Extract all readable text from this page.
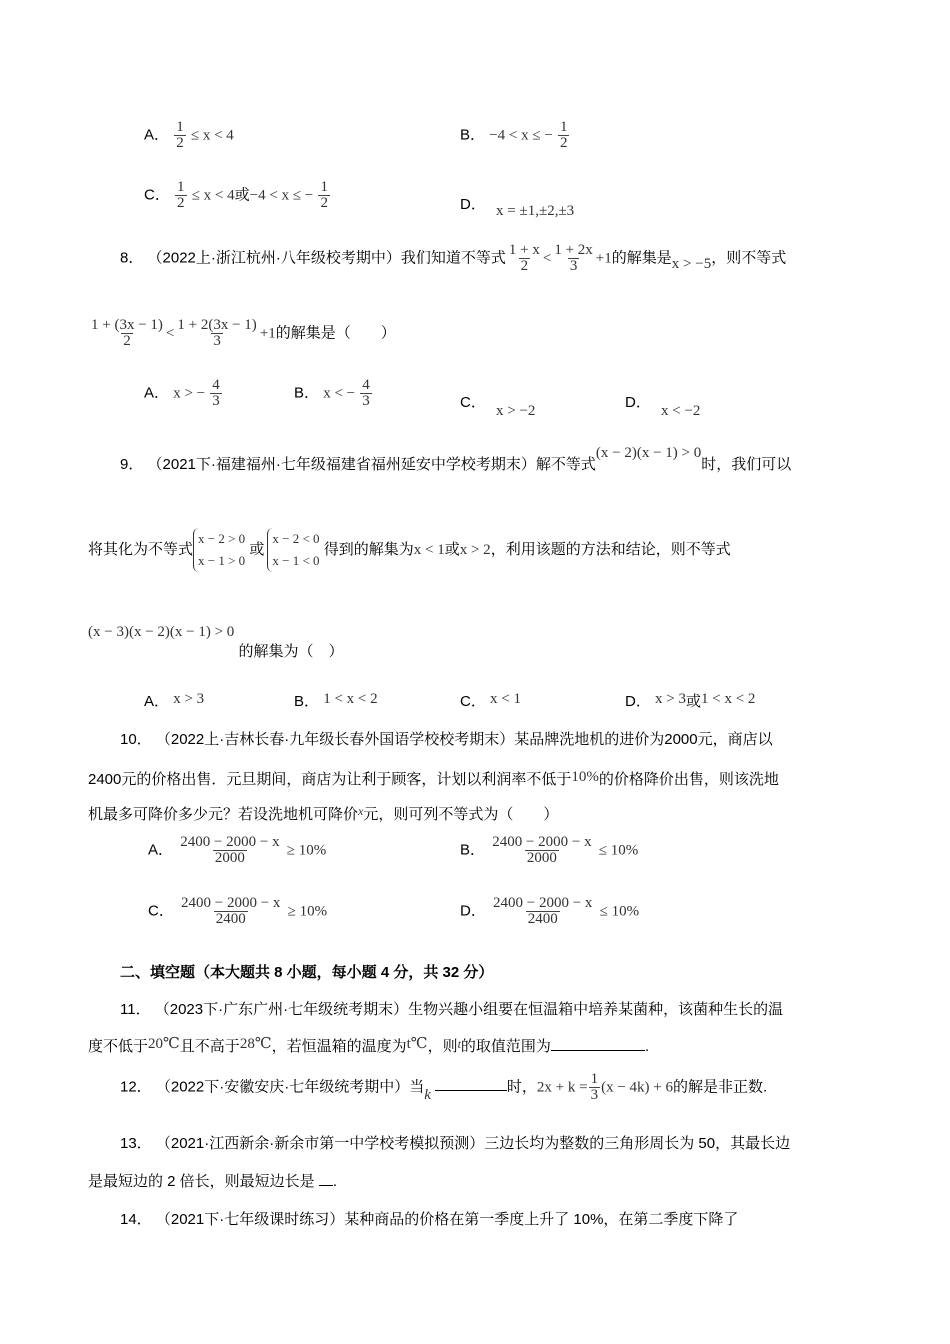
A． $\frac{1}{2} \le x < 4$	B． −4 < x ≤ − $\frac{1}{2}$
C． $\frac{1}{2} \le x < 4$或−4 < x ≤ − $\frac{1}{2}$	D． x = ±1,±2,±3
8． （2022上·浙江杭州·八年级校考期中）我们知道不等式 $\frac{1 + x}{2} < \frac{1 + 2x}{3} +1$的解集是x > −5，则不等式
$\frac{1 + (3x - 1)}{2} < \frac{1 + 2(3x - 1)}{3} +1$的解集是（　　）
A． x > − $\frac{4}{3}$	B． x < − $\frac{4}{3}$	C． x > −2	D． x < −2
9． （2021下·福建福州·七年级福建省福州延安中学校考期末）解不等式(x − 2)(x − 1) > 0时，我们可以
将其化为不等式
x − 2 > 0
x − 1 > 0
或
x − 2 < 0
x − 1 < 0
得到的解集为x < 1或x > 2，利用该题的方法和结论，则不等式
(x − 3)(x − 2)(x − 1) > 0 的解集为（　）
A． x > 3	B． 1 < x < 2	C． x < 1	D． x > 3或1 < x < 2
10． （2022上·吉林长春·九年级长春外国语学校校考期末）某品牌洗地机的进价为2000元，商店以
2400元的价格出售．元旦期间，商店为让利于顾客，计划以利润率不低于10%的价格降价出售，则该洗地
机最多可降价多少元？若设洗地机可降价$^x$元，则可列不等式为（　　）
A． $\frac{2400 - 2000 - x}{2000} \ge 10\%$	B． $\frac{2400 - 2000 - x}{2000} \le 10\%$
C． $\frac{2400 - 2000 - x}{2400} \ge 10\%$	D． $\frac{2400 - 2000 - x}{2400} \le 10\%$
二、填空题（本大题共 8 小题，每小题 4 分，共 32 分）
11． （2023下·广东广州·七年级统考期末）生物兴趣小组要在恒温箱中培养某菌种，该菌种生长的温
度不低于20℃且不高于28℃，若恒温箱的温度为t℃，则$^t$的取值范围为	.
12． （2022下·安徽安庆·七年级统考期中）当k	时，$2x + k = \frac{1}{3} (x - 4k) + 6$的解是非正数.
13． （2021·江西新余·新余市第一中学校考模拟预测）三边长均为整数的三角形周长为 50，其最长边
是最短边的 2 倍长，则最短边长是 .
14． （2021下·七年级课时练习）某种商品的价格在第一季度上升了 10%，在第二季度下降了
